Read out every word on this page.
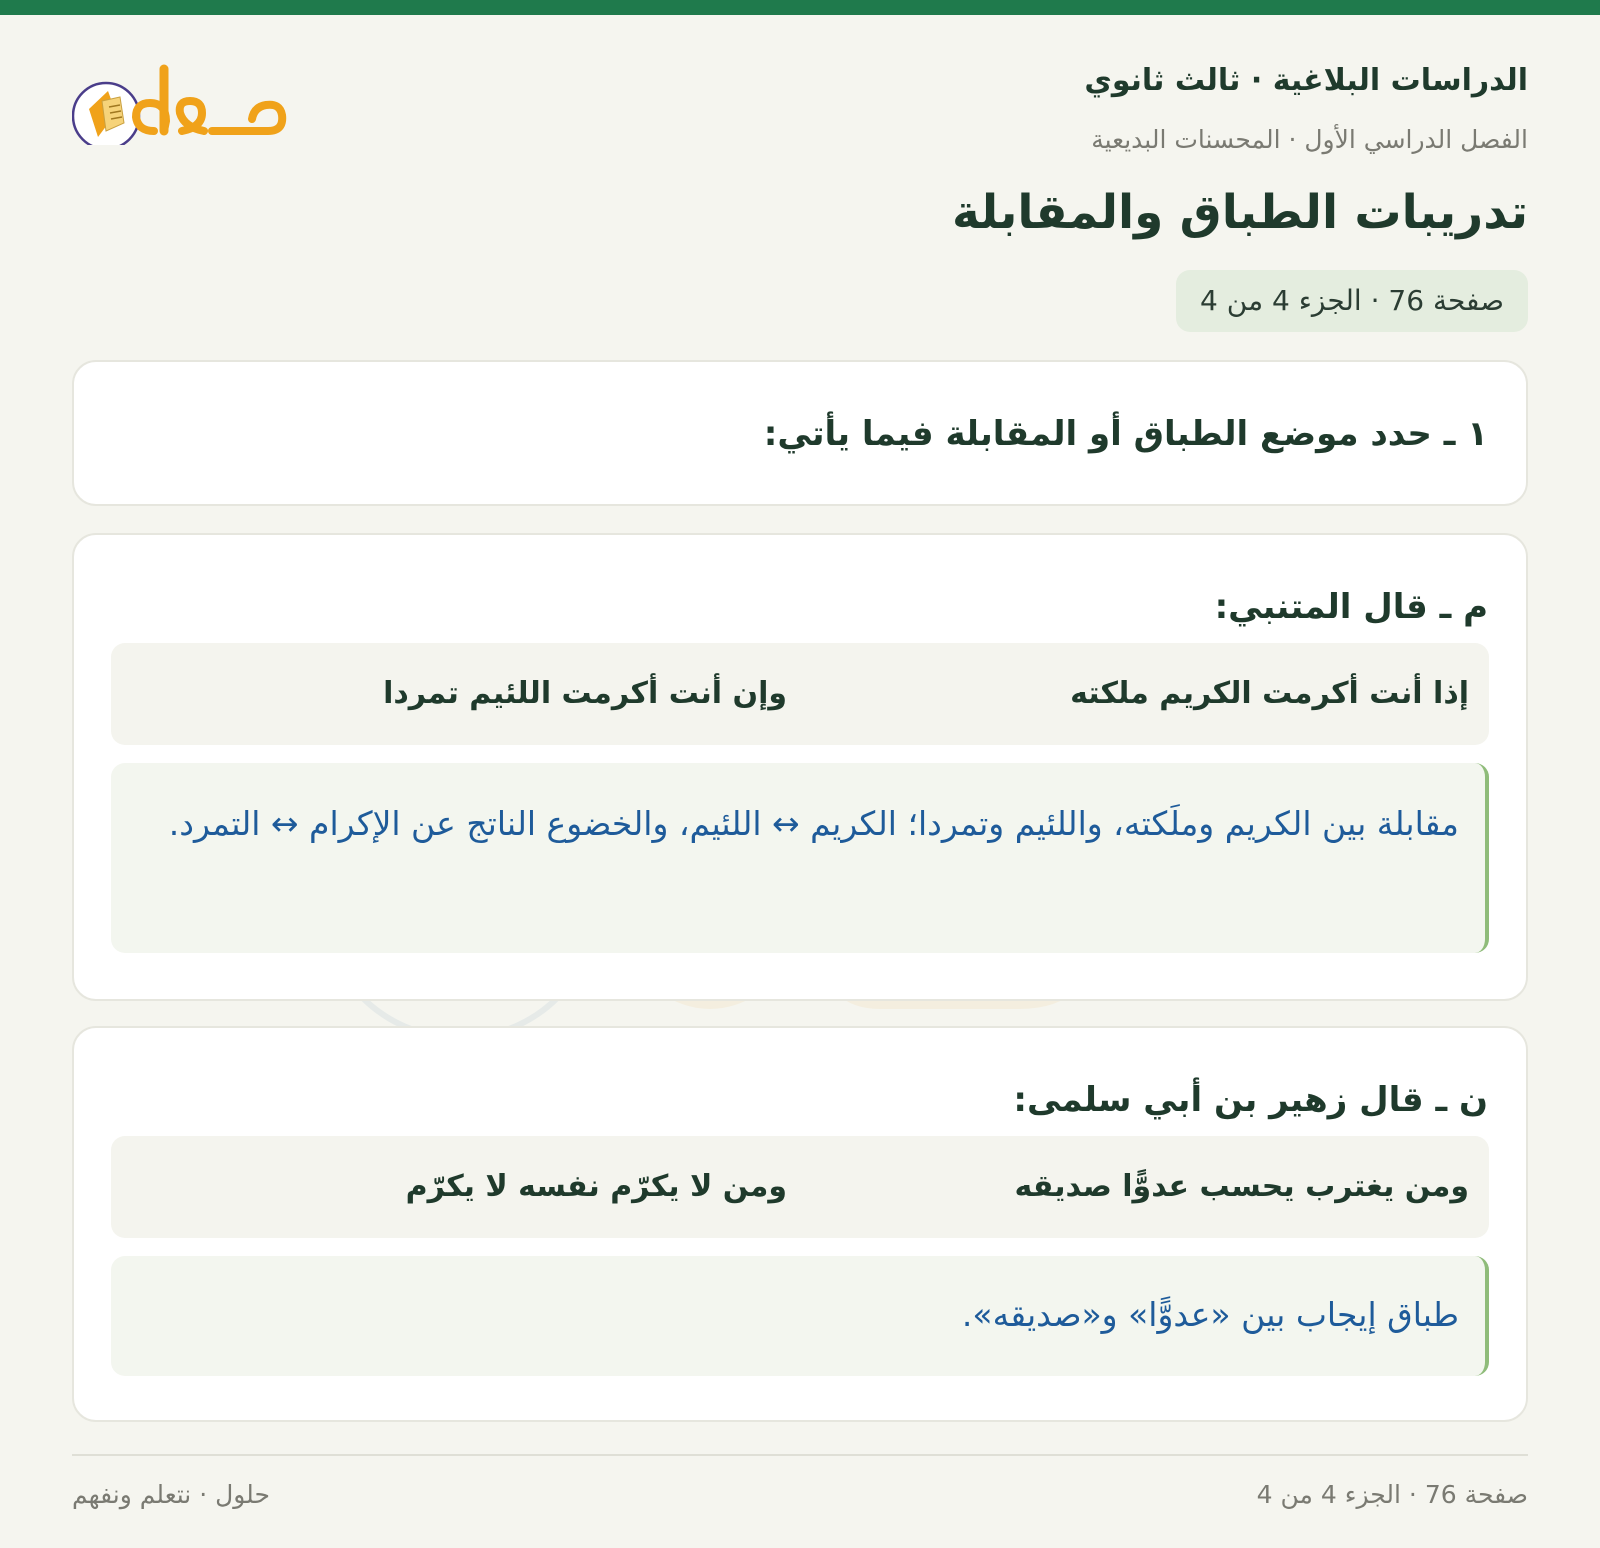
الدراسات البلاغية · ثالث ثانوي
الفصل الدراسي الأول · المحسنات البديعية
تدريبات الطباق والمقابلة
صفحة 76 · الجزء 4 من 4
١ ـ حدد موضع الطباق أو المقابلة فيما يأتي:
م ـ قال المتنبي:
إذا أنت أكرمت الكريم ملكته
وإن أنت أكرمت اللئيم تمردا
مقابلة بين الكريم وملَكته، واللئيم وتمردا؛ الكريم ↔ اللئيم، والخضوع الناتج عن الإكرام ↔ التمرد.
ن ـ قال زهير بن أبي سلمى:
ومن يغترب يحسب عدوًّا صديقه
ومن لا يكرّم نفسه لا يكرّم
طباق إيجاب بين «عدوًّا» و«صديقه».
صفحة 76 · الجزء 4 من 4
حلول · نتعلم ونفهم
